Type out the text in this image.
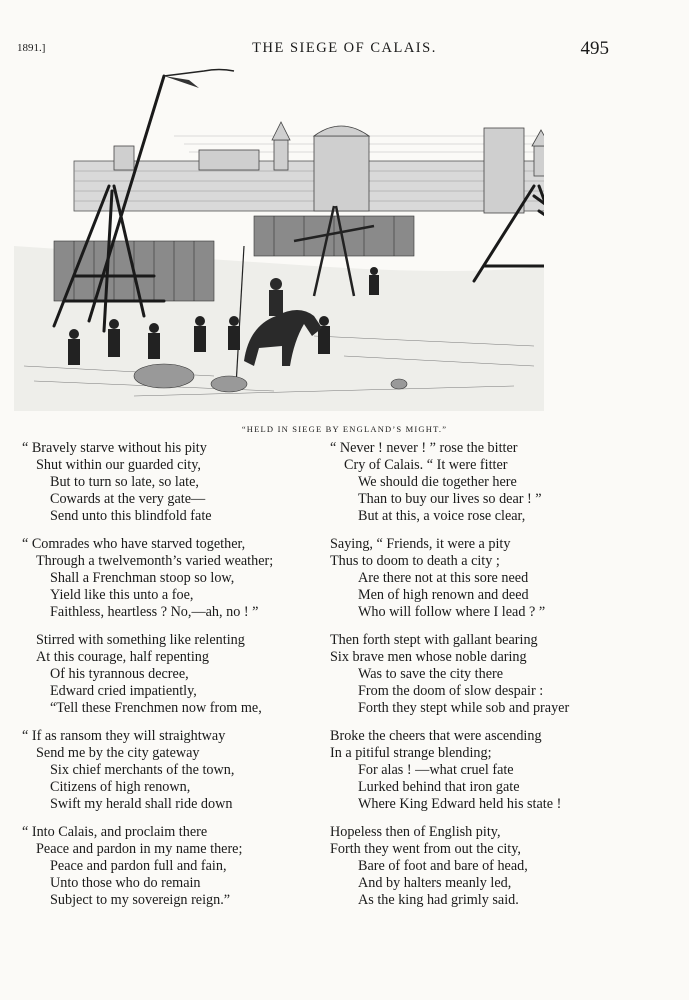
1891.]	THE SIEGE OF CALAIS.	495
“HELD IN SIEGE BY ENGLAND’S MIGHT.”
“ Bravely starve without his pity
Shut within our guarded city,
But to turn so late, so late,
Cowards at the very gate—
Send unto this blindfold fate
“ Comrades who have starved together,
Through a twelvemonth’s varied weather;
Shall a Frenchman stoop so low,
Yield like this unto a foe,
Faithless, heartless ? No,—ah, no ! ”
Stirred with something like relenting
At this courage, half repenting
Of his tyrannous decree,
Edward cried impatiently,
“Tell these Frenchmen now from me,
“ If as ransom they will straightway
Send me by the city gateway
Six chief merchants of the town,
Citizens of high renown,
Swift my herald shall ride down
“ Into Calais, and proclaim there
Peace and pardon in my name there;
Peace and pardon full and fain,
Unto those who do remain
Subject to my sovereign reign.”
“ Never ! never ! ” rose the bitter
Cry of Calais. “ It were fitter
We should die together here
Than to buy our lives so dear ! ”
But at this, a voice rose clear,
Saying, “ Friends, it were a pity
Thus to doom to death a city ;
Are there not at this sore need
Men of high renown and deed
Who will follow where I lead ? ”
Then forth stept with gallant bearing
Six brave men whose noble daring
Was to save the city there
From the doom of slow despair :
Forth they stept while sob and prayer
Broke the cheers that were ascending
In a pitiful strange blending;
For alas ! —what cruel fate
Lurked behind that iron gate
Where King Edward held his state !
Hopeless then of English pity,
Forth they went from out the city,
Bare of foot and bare of head,
And by halters meanly led,
As the king had grimly said.
